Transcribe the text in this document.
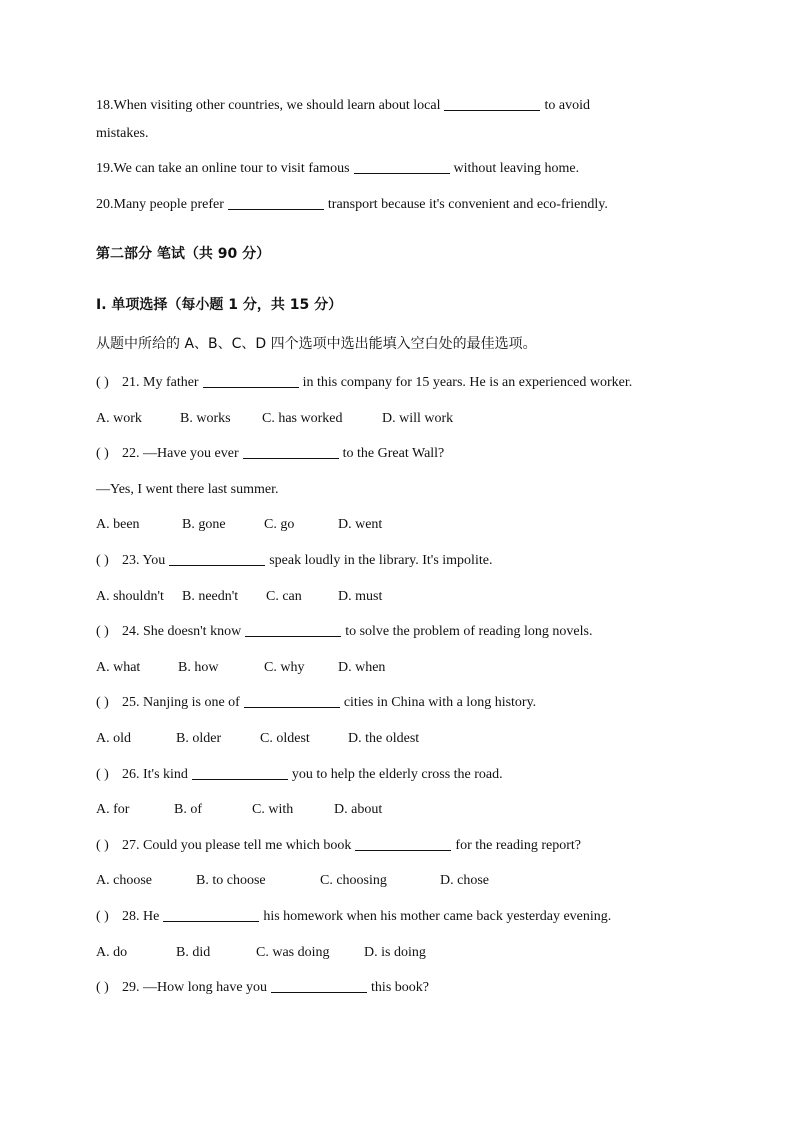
18.When visiting other countries, we should learn about local	to avoid
mistakes.
19.We can take an online tour to visit famous	without leaving home.
20.Many people prefer	transport because it's convenient and eco-friendly.
第二部分 笔试（共 90 分）
I. 单项选择（每小题 1 分，共 15 分）
从题中所给的 A、B、C、D 四个选项中选出能填入空白处的最佳选项。
( ) 21. My father	in this company for 15 years. He is an experienced worker.
A. work	B. works C. has worked	D. will work
( ) 22. —Have you ever	to the Great Wall?
—Yes, I went there last summer.
A. been	B. gone	C. go	D. went
( ) 23. You	speak loudly in the library. It's impolite.
A. shouldn't B. needn't C. can	D. must
( ) 24. She doesn't know	to solve the problem of reading long novels.
A. what	B. how	C. why D. when
( ) 25. Nanjing is one of	cities in China with a long history.
A. old	B. older	C. oldest	D. the oldest
( ) 26. It's kind	you to help the elderly cross the road.
A. for	B. of	C. with	D. about
( ) 27. Could you please tell me which book	for the reading report?
A. choose	B. to choose	C. choosing	D. chose
( ) 28. He	his homework when his mother came back yesterday evening.
A. do	B. did	C. was doing D. is doing
( ) 29. —How long have you	this book?
